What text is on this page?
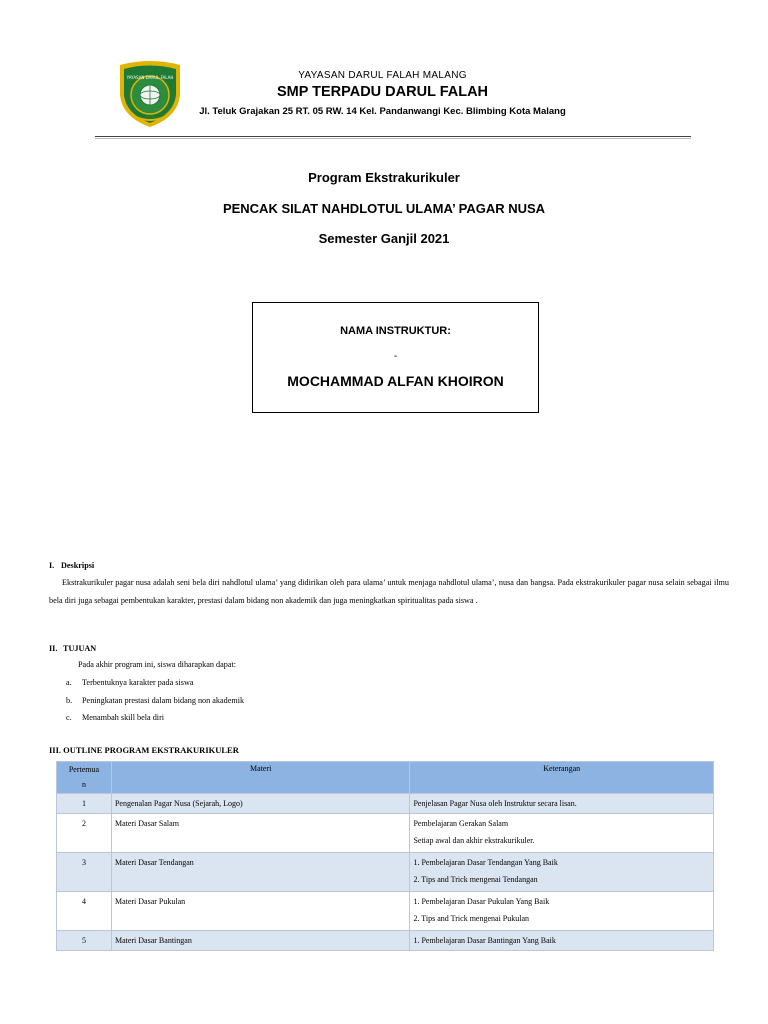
YAYASAN DARUL FALAH	YAYASAN DARUL FALAH MALANG
SMP TERPADU DARUL FALAH
Jl. Teluk Grajakan 25 RT. 05 RW. 14 Kel. Pandanwangi Kec. Blimbing Kota Malang
Program Ekstrakurikuler
PENCAK SILAT NAHDLOTUL ULAMA’ PAGAR NUSA
Semester Ganjil 2021
NAMA INSTRUKTUR:
-
MOCHAMMAD ALFAN KHOIRON
I. Deskripsi
Ekstrakurikuler pagar nusa adalah seni bela diri nahdlotul ulama’ yang didirikan oleh para ulama’ untuk menjaga nahdlotul ulama’, nusa dan bangsa. Pada ekstrakurikuler pagar nusa selain sebagai ilmu bela diri juga sebagai pembentukan karakter, prestasi dalam bidang non akademik dan juga meningkatkan spiritualitas pada siswa .
II. TUJUAN
Pada akhir program ini, siswa diharapkan dapat:
a. Terbentuknya karakter pada siswa
b. Peningkatan prestasi dalam bidang non akademik
c. Menambah skill bela diri
III. OUTLINE PROGRAM EKSTRAKURIKULER
Pertemua
n	Materi	Keterangan
1	Pengenalan Pagar Nusa (Sejarah, Logo)	Penjelasan Pagar Nusa oleh Instruktur secara lisan.
2	Materi Dasar Salam	Pembelajaran Gerakan Salam
Setiap awal dan akhir ekstrakurikuler.

3	Materi Dasar Tendangan	1. Pembelajaran Dasar Tendangan Yang Baik
2. Tips and Trick mengenai Tendangan

4	Materi Dasar Pukulan	1. Pembelajaran Dasar Pukulan Yang Baik
2. Tips and Trick mengenai Pukulan

5	Materi Dasar Bantingan	1. Pembelajaran Dasar Bantingan Yang Baik
